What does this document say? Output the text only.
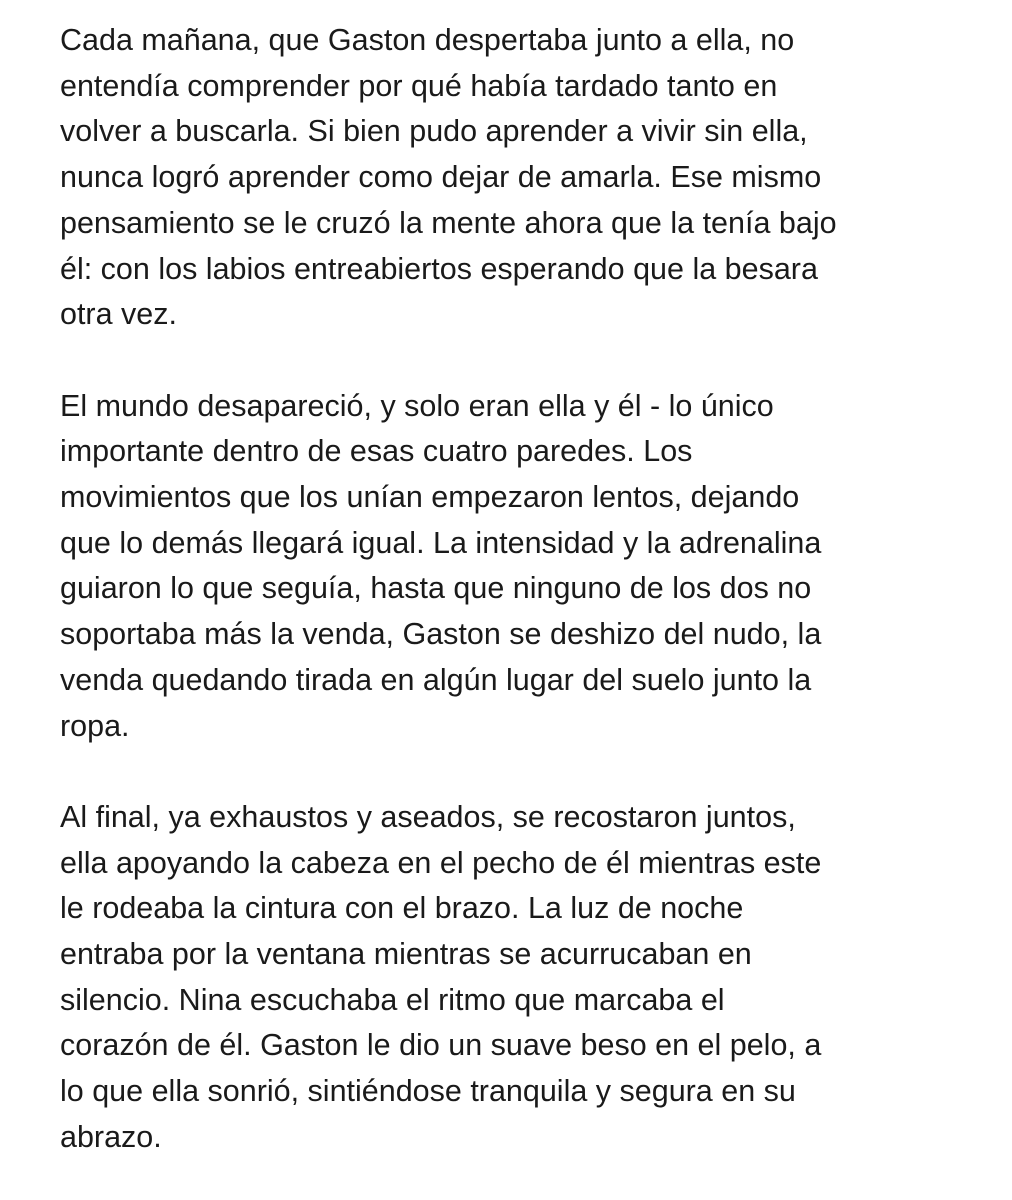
Cada mañana, que Gaston despertaba junto a ella, no
entendía comprender por qué había tardado tanto en
volver a buscarla. Si bien pudo aprender a vivir sin ella,
nunca logró aprender como dejar de amarla. Ese mismo
pensamiento se le cruzó la mente ahora que la tenía bajo
él: con los labios entreabiertos esperando que la besara
otra vez.

El mundo desapareció, y solo eran ella y él - lo único
importante dentro de esas cuatro paredes. Los
movimientos que los unían empezaron lentos, dejando
que lo demás llegará igual. La intensidad y la adrenalina
guiaron lo que seguía, hasta que ninguno de los dos no
soportaba más la venda, Gaston se deshizo del nudo, la
venda quedando tirada en algún lugar del suelo junto la
ropa.

Al final, ya exhaustos y aseados, se recostaron juntos,
ella apoyando la cabeza en el pecho de él mientras este
le rodeaba la cintura con el brazo. La luz de noche
entraba por la ventana mientras se acurrucaban en
silencio. Nina escuchaba el ritmo que marcaba el
corazón de él. Gaston le dio un suave beso en el pelo, a
lo que ella sonrió, sintiéndose tranquila y segura en su
abrazo.
